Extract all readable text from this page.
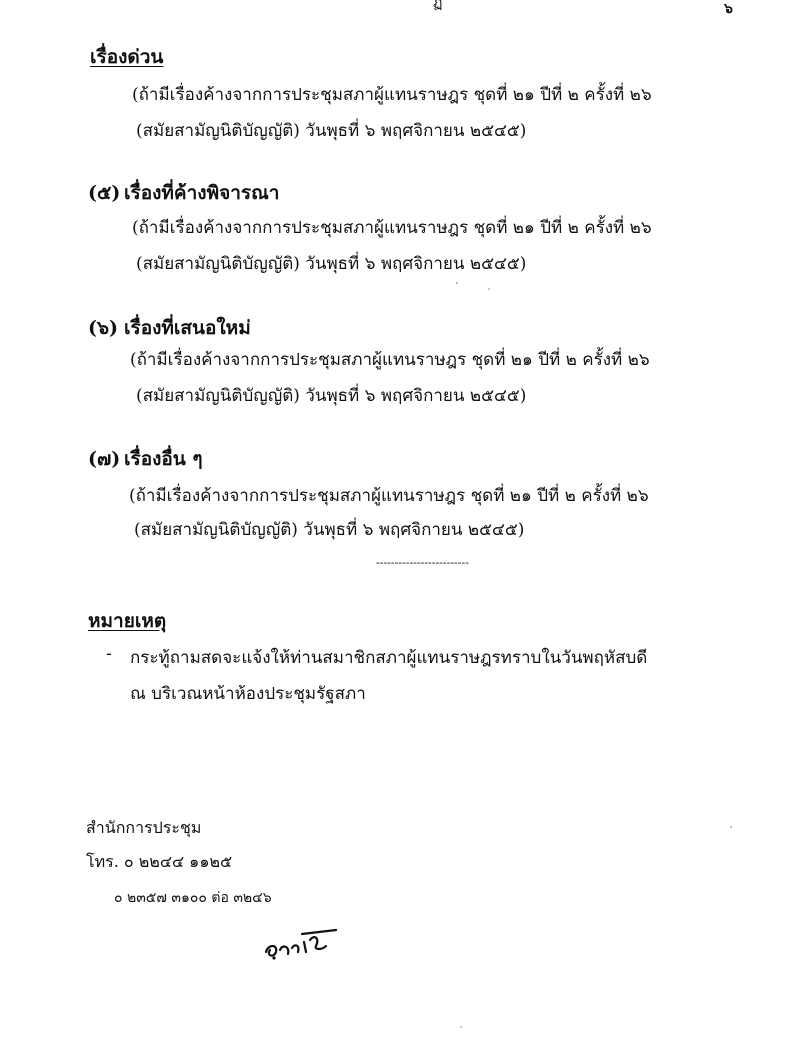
ฏ	๖
เรื่องด่วน
(ถ้ามีเรื่องค้างจากการประชุมสภาผู้แทนราษฎร ชุดที่ ๒๑ ปีที่ ๒ ครั้งที่ ๒๖
(สมัยสามัญนิติบัญญัติ) วันพุธที่ ๖ พฤศจิกายน ๒๕๔๕)
(๕) เรื่องที่ค้างพิจารณา
(ถ้ามีเรื่องค้างจากการประชุมสภาผู้แทนราษฎร ชุดที่ ๒๑ ปีที่ ๒ ครั้งที่ ๒๖
(สมัยสามัญนิติบัญญัติ) วันพุธที่ ๖ พฤศจิกายน ๒๕๔๕)
(๖) เรื่องที่เสนอใหม่
(ถ้ามีเรื่องค้างจากการประชุมสภาผู้แทนราษฎร ชุดที่ ๒๑ ปีที่ ๒ ครั้งที่ ๒๖
(สมัยสามัญนิติบัญญัติ) วันพุธที่ ๖ พฤศจิกายน ๒๕๔๕)
(๗) เรื่องอื่น ๆ
(ถ้ามีเรื่องค้างจากการประชุมสภาผู้แทนราษฎร ชุดที่ ๒๑ ปีที่ ๒ ครั้งที่ ๒๖
(สมัยสามัญนิติบัญญัติ) วันพุธที่ ๖ พฤศจิกายน ๒๕๔๕)
-------------------------
หมายเหตุ
- กระทู้ถามสดจะแจ้งให้ท่านสมาชิกสภาผู้แทนราษฎรทราบในวันพฤหัสบดี
ณ บริเวณหน้าห้องประชุมรัฐสภา
สำนักการประชุม
โทร. ๐ ๒๒๔๔ ๑๑๒๕
๐ ๒๓๕๗ ๓๑๐๐ ต่อ ๓๒๔๖
